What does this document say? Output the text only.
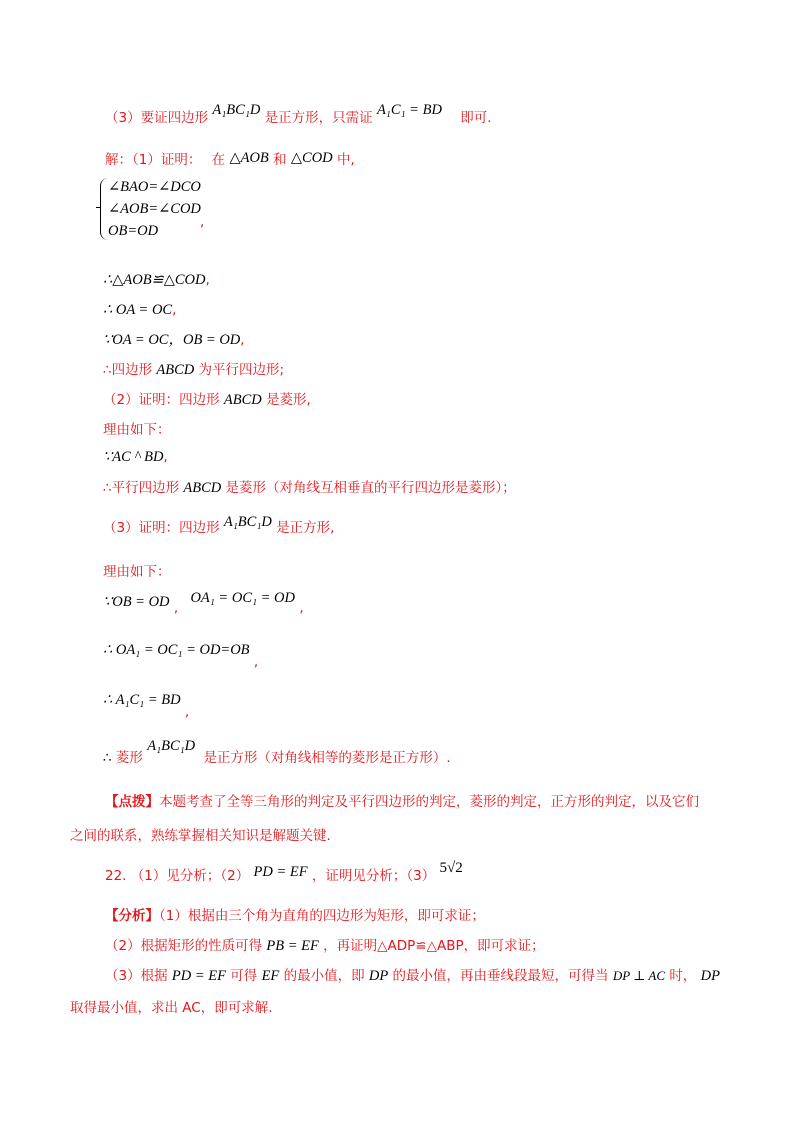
（3）要证四边形 A₁BC₁D 是正方形，只需证 A₁C₁ = BD 即可.
解：（1）证明： 在 △AOB 和 △COD 中,
∠BAO=∠DCO
∠AOB=∠COD
OB=OD
,
∴△AOB≌△COD,
∴ OA = OC,
∵OA = OC，OB = OD,
∴四边形 ABCD 为平行四边形;
（2）证明：四边形 ABCD 是菱形,
理由如下：
∵AC ^ BD,
∴平行四边形 ABCD 是菱形（对角线互相垂直的平行四边形是菱形）；
（3）证明：四边形 A₁BC₁D 是正方形,
理由如下：
∵OB = OD , OA₁ = OC₁ = OD ,
∴ OA₁ = OC₁ = OD=OB ,
∴ A₁C₁ = BD ,
∴ 菱形 A₁BC₁D 是正方形（对角线相等的菱形是正方形）.
【点拨】本题考查了全等三角形的判定及平行四边形的判定，菱形的判定，正方形的判定，以及它们
之间的联系，熟练掌握相关知识是解题关键.
22. （1）见分析；（2） PD = EF ，证明见分析；（3） 5√2
【分析】（1）根据由三个角为直角的四边形为矩形，即可求证；
（2）根据矩形的性质可得 PB = EF ，再证明△ADP≌△ABP，即可求证；
（3）根据 PD = EF 可得 EF 的最小值，即 DP 的最小值，再由垂线段最短，可得当 DP ⊥ AC 时， DP
取得最小值，求出 AC，即可求解.
